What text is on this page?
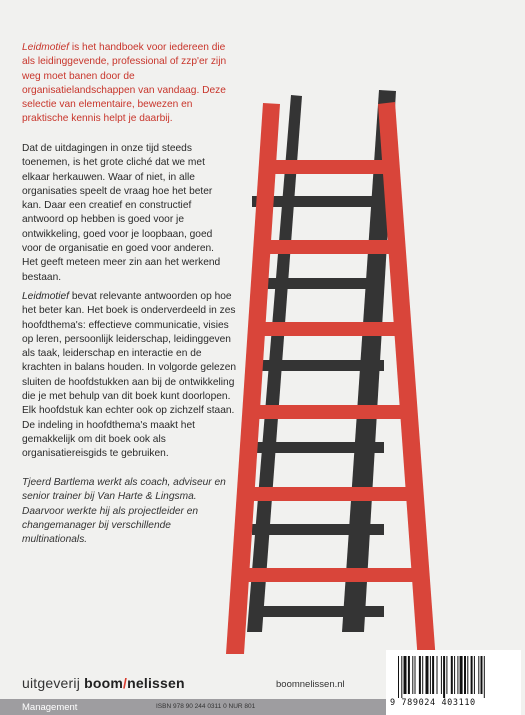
Leidmotief is het handboek voor iedereen die als leidinggevende, professional of zzp'er zijn weg moet banen door de organisatielandschappen van vandaag. Deze selectie van elementaire, bewezen en praktische kennis helpt je daarbij.

Dat de uitdagingen in onze tijd steeds toenemen, is het grote cliché dat we met elkaar herkauwen. Waar of niet, in alle organisaties speelt de vraag hoe het beter kan. Daar een creatief en constructief antwoord op hebben is goed voor je ontwikkeling, goed voor je loopbaan, goed voor de organisatie en goed voor anderen. Het geeft meteen meer zin aan het werkend bestaan.

Leidmotief bevat relevante antwoorden op hoe het beter kan. Het boek is onderverdeeld in zes hoofdthema's: effectieve communicatie, visies op leren, persoonlijk leiderschap, leidinggeven als taak, leiderschap en interactie en de krachten in balans houden. In volgorde gelezen sluiten de hoofdstukken aan bij de ontwikkeling die je met behulp van dit boek kunt doorlopen. Elk hoofdstuk kan echter ook op zichzelf staan. De indeling in hoofdthema's maakt het gemakkelijk om dit boek ook als organisatiereisgids te gebruiken.

Tjeerd Bartlema werkt als coach, adviseur en senior trainer bij Van Harte & Lingsma. Daarvoor werkte hij als projectleider en changemanager bij verschillende multinationals.

uitgeverij boom/nelissen	boomnelissen.nl
Management	ISBN 978 90 244 0311 0 NUR 801	9 789024 403110
